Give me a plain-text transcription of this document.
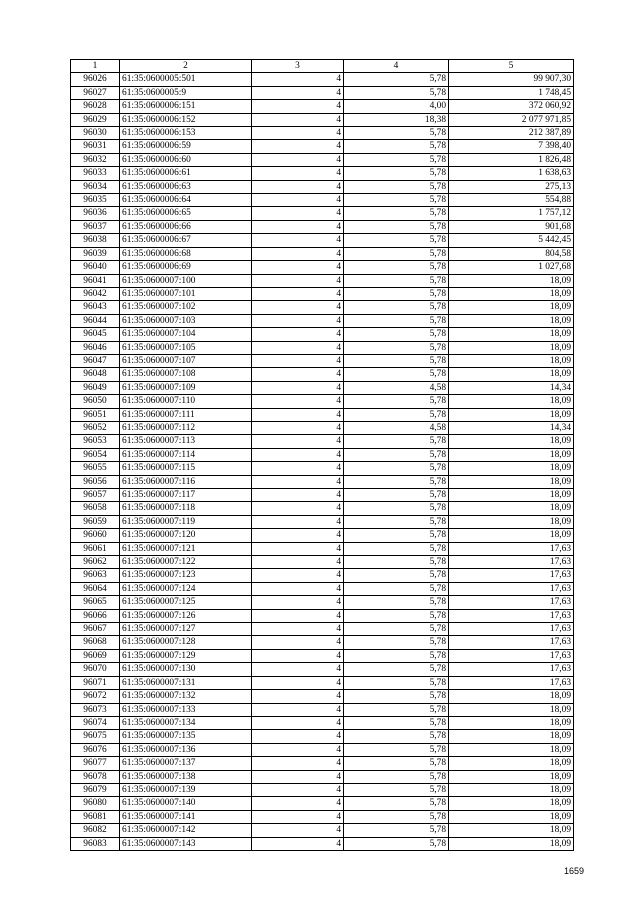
1	2	3	4	5
96026	61:35:0600005:501	4	5,78	99 907,30
96027	61:35:0600005:9	4	5,78	1 748,45
96028	61:35:0600006:151	4	4,00	372 060,92
96029	61:35:0600006:152	4	18,38	2 077 971,85
96030	61:35:0600006:153	4	5,78	212 387,89
96031	61:35:0600006:59	4	5,78	7 398,40
96032	61:35:0600006:60	4	5,78	1 826,48
96033	61:35:0600006:61	4	5,78	1 638,63
96034	61:35:0600006:63	4	5,78	275,13
96035	61:35:0600006:64	4	5,78	554,88
96036	61:35:0600006:65	4	5,78	1 757,12
96037	61:35:0600006:66	4	5,78	901,68
96038	61:35:0600006:67	4	5,78	5 442,45
96039	61:35:0600006:68	4	5,78	804,58
96040	61:35:0600006:69	4	5,78	1 027,68
96041	61:35:0600007:100	4	5,78	18,09
96042	61:35:0600007:101	4	5,78	18,09
96043	61:35:0600007:102	4	5,78	18,09
96044	61:35:0600007:103	4	5,78	18,09
96045	61:35:0600007:104	4	5,78	18,09
96046	61:35:0600007:105	4	5,78	18,09
96047	61:35:0600007:107	4	5,78	18,09
96048	61:35:0600007:108	4	5,78	18,09
96049	61:35:0600007:109	4	4,58	14,34
96050	61:35:0600007:110	4	5,78	18,09
96051	61:35:0600007:111	4	5,78	18,09
96052	61:35:0600007:112	4	4,58	14,34
96053	61:35:0600007:113	4	5,78	18,09
96054	61:35:0600007:114	4	5,78	18,09
96055	61:35:0600007:115	4	5,78	18,09
96056	61:35:0600007:116	4	5,78	18,09
96057	61:35:0600007:117	4	5,78	18,09
96058	61:35:0600007:118	4	5,78	18,09
96059	61:35:0600007:119	4	5,78	18,09
96060	61:35:0600007:120	4	5,78	18,09
96061	61:35:0600007:121	4	5,78	17,63
96062	61:35:0600007:122	4	5,78	17,63
96063	61:35:0600007:123	4	5,78	17,63
96064	61:35:0600007:124	4	5,78	17,63
96065	61:35:0600007:125	4	5,78	17,63
96066	61:35:0600007:126	4	5,78	17,63
96067	61:35:0600007:127	4	5,78	17,63
96068	61:35:0600007:128	4	5,78	17,63
96069	61:35:0600007:129	4	5,78	17,63
96070	61:35:0600007:130	4	5,78	17,63
96071	61:35:0600007:131	4	5,78	17,63
96072	61:35:0600007:132	4	5,78	18,09
96073	61:35:0600007:133	4	5,78	18,09
96074	61:35:0600007:134	4	5,78	18,09
96075	61:35:0600007:135	4	5,78	18,09
96076	61:35:0600007:136	4	5,78	18,09
96077	61:35:0600007:137	4	5,78	18,09
96078	61:35:0600007:138	4	5,78	18,09
96079	61:35:0600007:139	4	5,78	18,09
96080	61:35:0600007:140	4	5,78	18,09
96081	61:35:0600007:141	4	5,78	18,09
96082	61:35:0600007:142	4	5,78	18,09
96083	61:35:0600007:143	4	5,78	18,09
1659
